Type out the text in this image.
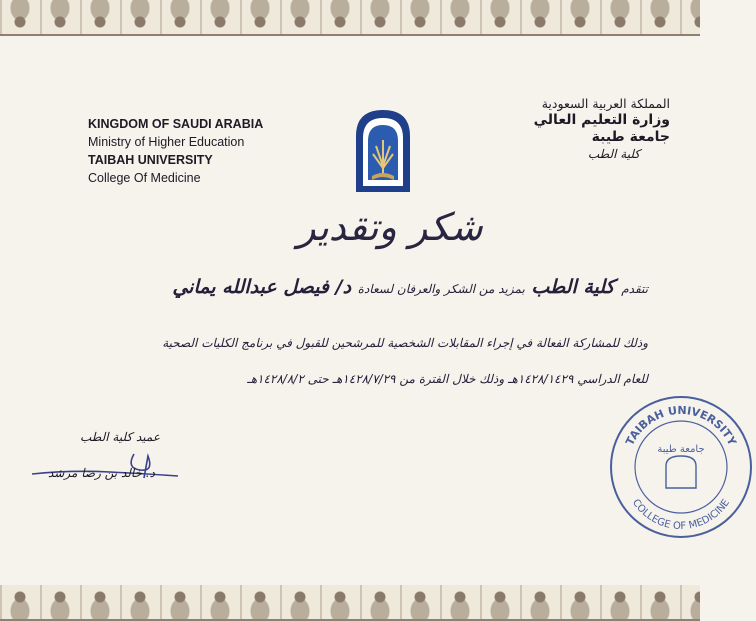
KINGDOM OF SAUDI ARABIA
Ministry of Higher Education
TAIBAH UNIVERSITY
College Of Medicine
المملكة العربية السعودية
وزارة التعليم العالي
جامعة طيبة
كلية الطب
شكر وتقدير
تتقدم كلية الطب بمزيد من الشكر والعرفان لسعادة د/ فيصل عبدالله يماني
وذلك للمشاركة الفعالة في إجراء المقابلات الشخصية للمرشحين للقبول في برنامج الكليات الصحية
للعام الدراسي ١٤٢٨/١٤٢٩هـ وذلك خلال الفترة من ١٤٢٨/٧/٢٩هـ حتى ١٤٢٨/٨/٢هـ
عميد كلية الطب
د. خالد بن رضا مرشد
TAIBAH UNIVERSITY
COLLEGE OF MEDICINE
جامعة طيبة
